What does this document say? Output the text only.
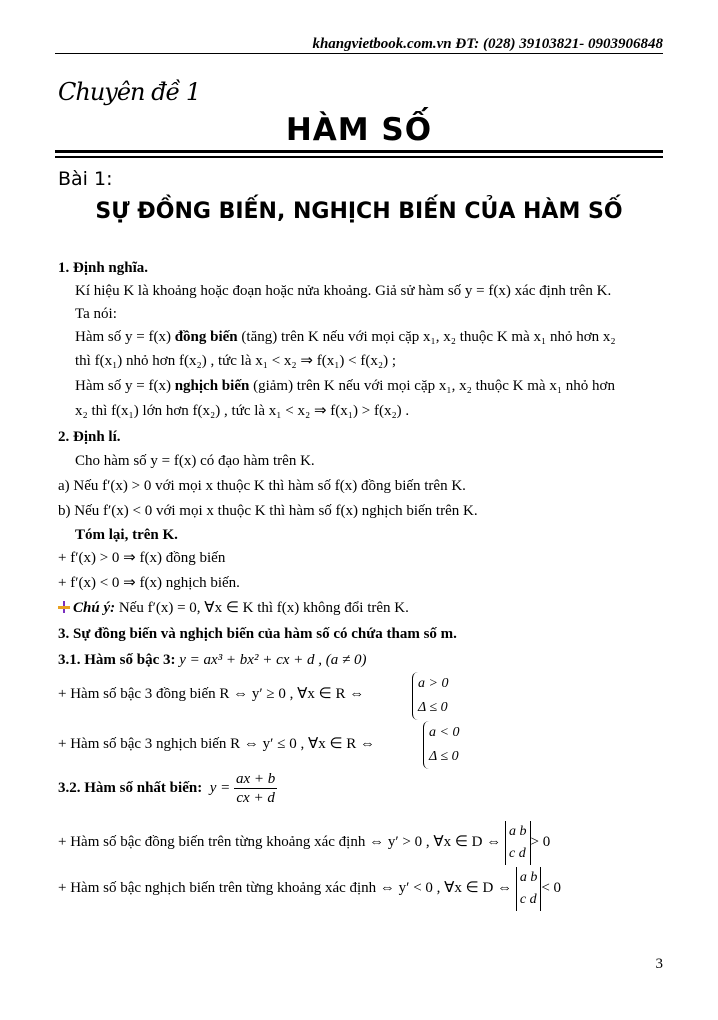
khangvietbook.com.vn ĐT: (028) 39103821- 0903906848
Chuyên đề 1
HÀM SỐ
Bài 1:
SỰ ĐỒNG BIẾN, NGHỊCH BIẾN CỦA HÀM SỐ
1. Định nghĩa.
Kí hiệu K là khoảng hoặc đoạn hoặc nửa khoảng. Giả sử hàm số y = f(x) xác định trên K.
Ta nói:
Hàm số y = f(x) đồng biến (tăng) trên K nếu với mọi cặp x₁, x₂ thuộc K mà x₁ nhỏ hơn x₂
thì f(x₁) nhỏ hơn f(x₂) , tức là x₁ < x₂ ⇒ f(x₁) < f(x₂) ;
Hàm số y = f(x) nghịch biến (giảm) trên K nếu với mọi cặp x₁, x₂ thuộc K mà x₁ nhỏ hơn
x₂ thì f(x₁) lớn hơn f(x₂) , tức là x₁ < x₂ ⇒ f(x₁) > f(x₂) .
2. Định lí.
Cho hàm số y = f(x) có đạo hàm trên K.
a) Nếu f′(x) > 0 với mọi x thuộc K thì hàm số f(x) đồng biến trên K.
b) Nếu f′(x) < 0 với mọi x thuộc K thì hàm số f(x) nghịch biến trên K.
Tóm lại, trên K.
+ f′(x) > 0 ⇒ f(x) đồng biến
+ f′(x) < 0 ⇒ f(x) nghịch biến.
Chú ý: Nếu f′(x) = 0, ∀x ∈ K thì f(x) không đổi trên K.
3. Sự đồng biến và nghịch biến của hàm số có chứa tham số m.
3.1. Hàm số bậc 3: y = ax³ + bx² + cx + d , (a ≠ 0)
+ Hàm số bậc 3 đồng biến R ⇔ y′ ≥ 0 , ∀x ∈ R ⇔
a > 0
Δ ≤ 0
+ Hàm số bậc 3 nghịch biến R ⇔ y′ ≤ 0 , ∀x ∈ R ⇔
a < 0
Δ ≤ 0
3.2. Hàm số nhất biến: $y = \frac{ax + b}{cx + d}$
+ Hàm số bậc đồng biến trên từng khoảng xác định ⇔ y′ > 0 , ∀x ∈ D ⇔ a b
c d> 0
+ Hàm số bậc nghịch biến trên từng khoảng xác định ⇔ y′ < 0 , ∀x ∈ D ⇔ a b
c d< 0
3
